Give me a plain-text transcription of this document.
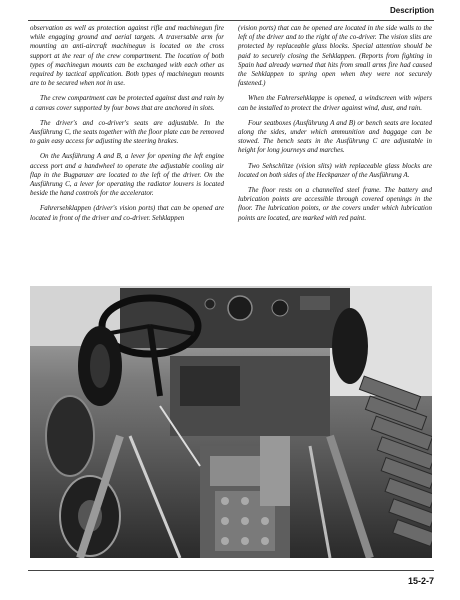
Description

observation as well as protection against rifle and machinegun fire while engaging ground and aerial targets. A traversable arm for mounting an anti-aircraft machinegun is located on the cross support at the rear of the crew compartment. The location of both types of machinegun mounts can be exchanged with each other as required by tactical application. Both types of machinegun mounts are to be secured when not in use.

The crew compartment can be protected against dust and rain by a canvas cover supported by four bows that are anchored in slots.

The driver's and co-driver's seats are adjustable. In the Ausführung C, the seats together with the floor plate can be removed to gain easy access for adjusting the steering brakes.

On the Ausführung A and B, a lever for opening the left engine access port and a handwheel to operate the adjustable cooling air flap in the Bugpanzer are located to the left of the driver. On the Ausführung C, a lever for operating the radiator louvers is located beside the hand controls for the accelerator.

Fahrersehklappen (driver's vision ports) that can be opened are located in front of the driver and co-driver. Sehklappen

(vision ports) that can be opened are located in the side walls to the left of the driver and to the right of the co-driver. The vision slits are protected by replaceable glass blocks. Special attention should be paid to securely closing the Sehklappen. (Reports from fighting in Spain had already warned that hits from small arms fire had caused the Sehklappen to spring open when they were not securely fastened.)

When the Fahrersehklappe is opened, a windscreen with wipers can be installed to protect the driver against wind, dust, and rain.

Four seatboxes (Ausführung A and B) or bench seats are located along the sides, under which ammunition and baggage can be stowed. The bench seats in the Ausführung C are adjustable in height for long journeys and marches.

Two Sehschlitze (vision slits) with replaceable glass blocks are located on both sides of the Heckpanzer of the Ausführung A.

The floor rests on a channelled steel frame. The battery and lubrication points are accessible through covered openings in the floor. The lubrication points, or the covers under which lubrication points are located, are marked with red paint.

15-2-7
